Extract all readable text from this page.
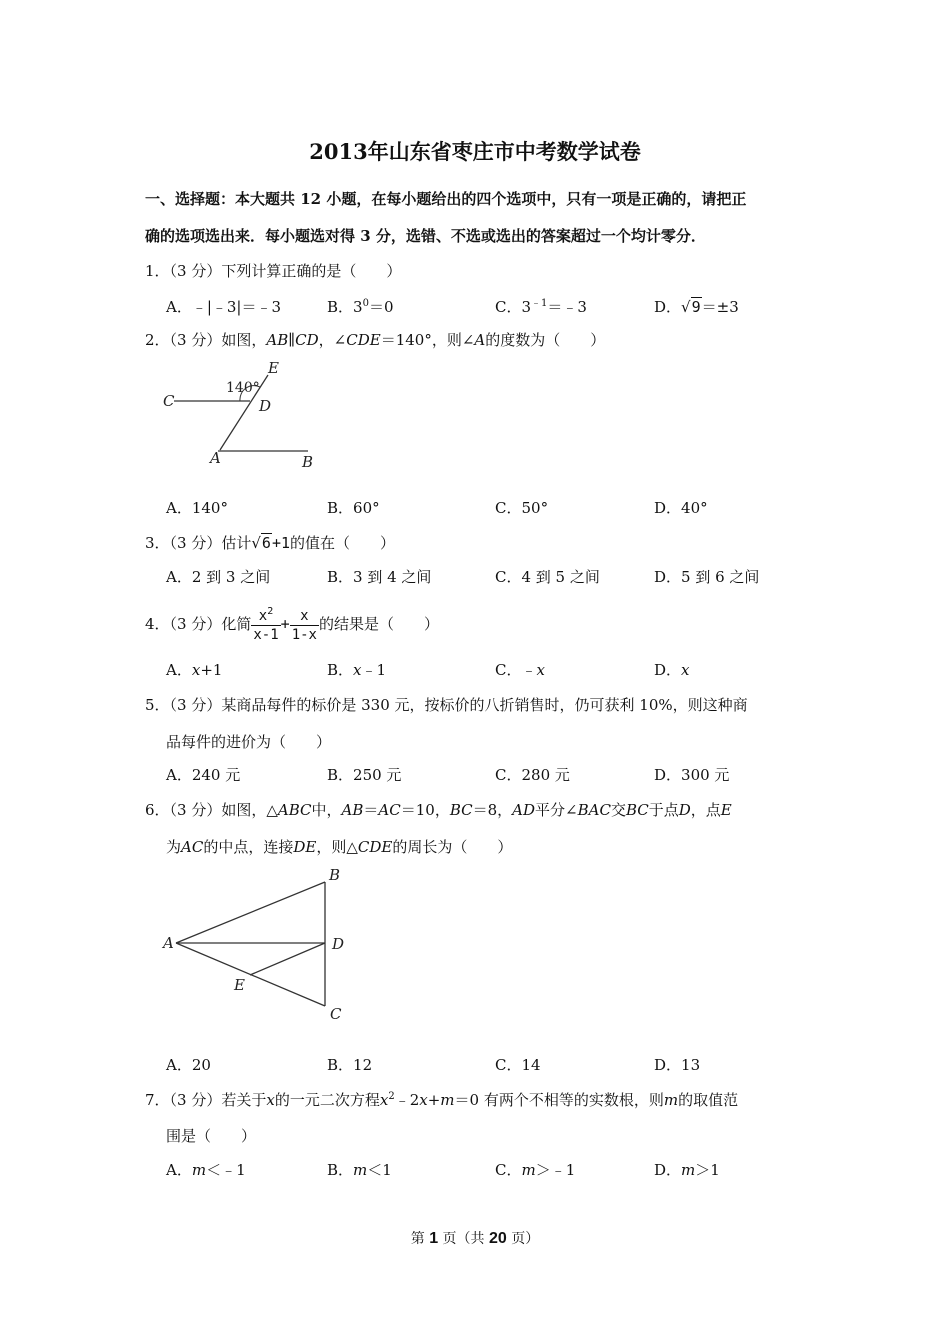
2013年山东省枣庄市中考数学试卷
一、选择题：本大题共 12 小题，在每小题给出的四个选项中，只有一项是正确的，请把正
确的选项选出来．每小题选对得 3 分，选错、不选或选出的答案超过一个均计零分．
1．（3 分）下列计算正确的是（　　）
A．﹣|﹣3|＝﹣3	B．$3^0=0$	C．$3^{﹣1}=﹣3$	D．√9＝±3
2．（3 分）如图，AB∥CD，∠CDE＝140°，则∠A的度数为（　　）
140°
C	D
E
A	B
A．140°	B．60°	C．50°	D．40°
3．（3 分）估计√6+1的值在（　　）
A．2 到 3 之间	B．3 到 4 之间	C．4 到 5 之间	D．5 到 6 之间
4．（3 分）化简 $\frac{x^2}{x-1} + \frac{x}{1-x}$ 的结果是（　　）
A．x+1	B．x﹣1	C．﹣x	D．x
5．（3 分）某商品每件的标价是 330 元，按标价的八折销售时，仍可获利 10%，则这种商
品每件的进价为（　　）
A．240 元	B．250 元	C．280 元	D．300 元
6．（3 分）如图，△ABC中，AB＝AC＝10，BC＝8，AD平分∠BAC交BC于点D，点E
为AC的中点，连接DE，则△CDE的周长为（　　）
A
B
C
D
E
A．20	B．12	C．14	D．13
7．（3 分）若关于x的一元二次方程$x^2﹣2x+m=0$ 有两个不相等的实数根，则m的取值范
围是（　　）
A．m＜﹣1	B．m＜1	C．m＞﹣1	D．m＞1
第 1 页（共 20 页）
